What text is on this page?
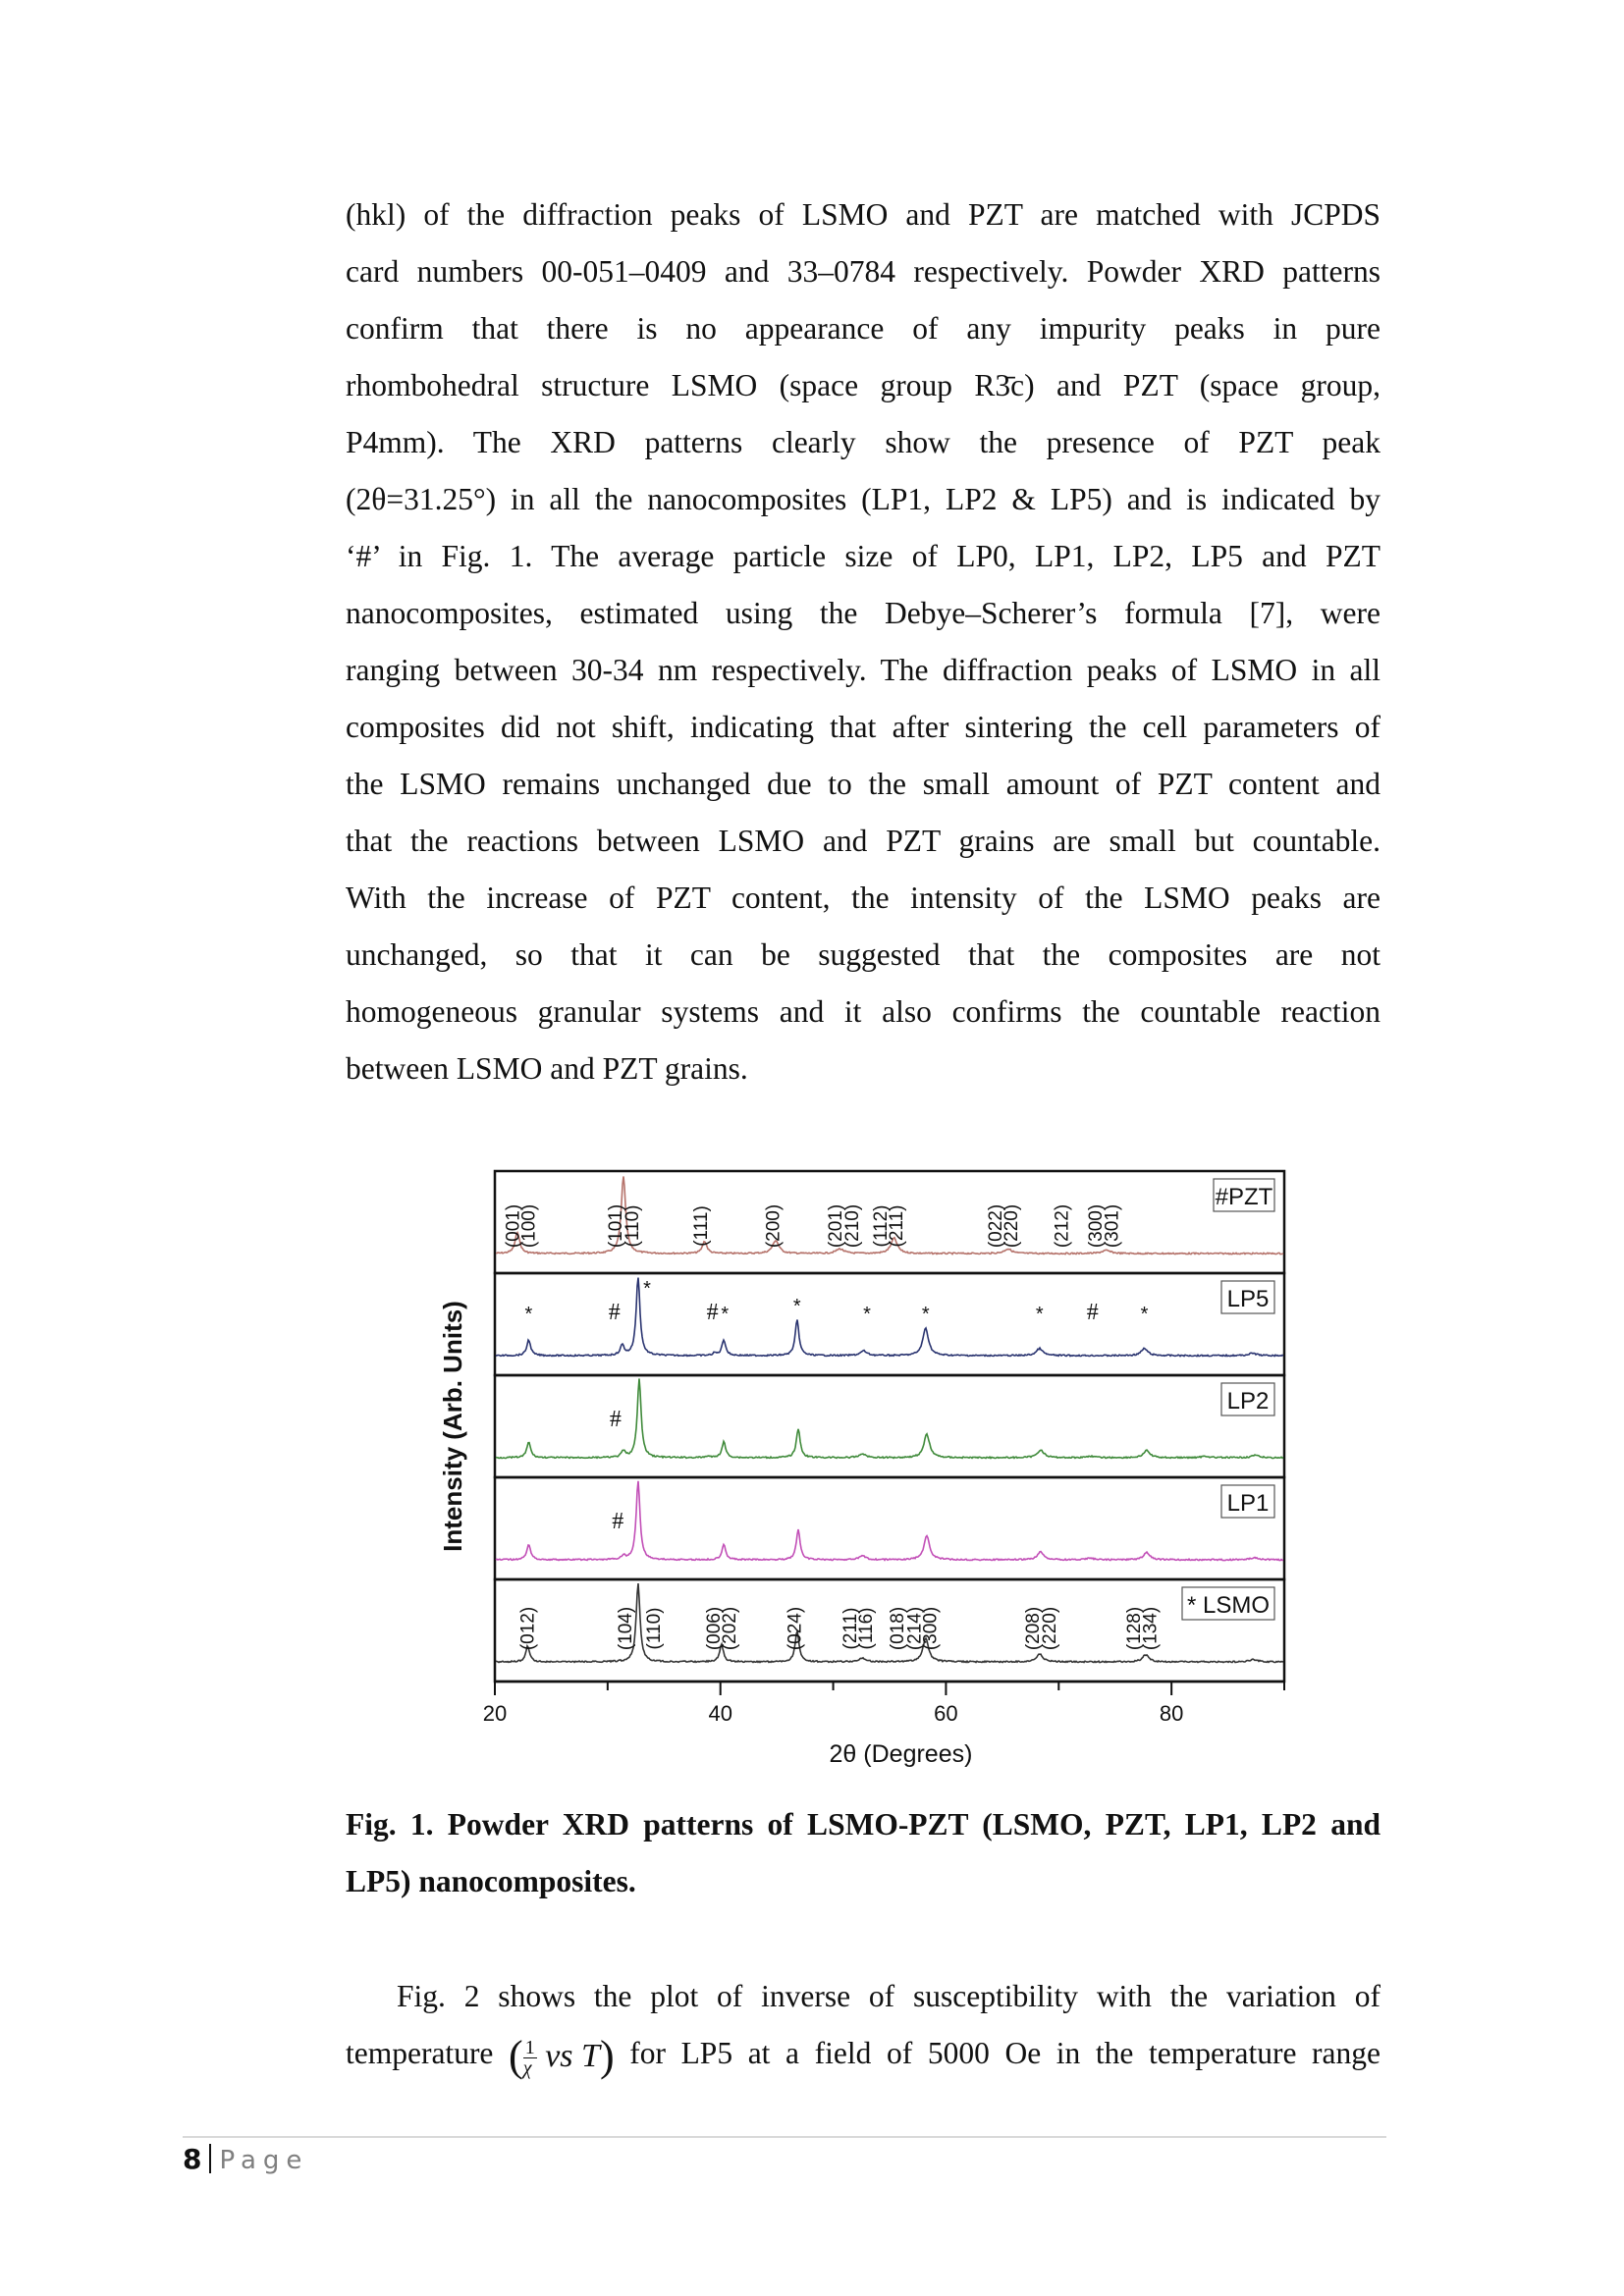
(hkl) of the diffraction peaks of LSMO and PZT are matched with JCPDS
card numbers 00-051–0409 and 33–0784 respectively. Powder XRD patterns
confirm that there is no appearance of any impurity peaks in pure
rhombohedral structure LSMO (space group R3̄c) and PZT (space group,
P4mm). The XRD patterns clearly show the presence of PZT peak
(2θ=31.25°) in all the nanocomposites (LP1, LP2 & LP5) and is indicated by
‘#’ in Fig. 1. The average particle size of LP0, LP1, LP2, LP5 and PZT
nanocomposites, estimated using the Debye–Scherer’s formula [7], were
ranging between 30-34 nm respectively. The diffraction peaks of LSMO in all
composites did not shift, indicating that after sintering the cell parameters of
the LSMO remains unchanged due to the small amount of PZT content and
that the reactions between LSMO and PZT grains are small but countable.
With the increase of PZT content, the intensity of the LSMO peaks are
unchanged, so that it can be suggested that the composites are not
homogeneous granular systems and it also confirms the countable reaction
between LSMO and PZT grains.
(001)
(100)	(101)
(110)	(111)	(200) (201)
(210) (112)
(211)	(022)
(220) (212) (300)
(301)
#PZT
*	#
*
# *	*	*	*	* # *
LP5
#
LP2
#
LP1
(012)	(104) (110) (006)
(202) (024) (211)
(116) (018)
(214)
(300)	(208)
(220)	(128)
(134)
* LSMO
20	40	60	80
2θ (Degrees)
Intensity (Arb. Units)
Fig. 1. Powder XRD patterns of LSMO-PZT (LSMO, PZT, LP1, LP2 and
LP5) nanocomposites.
Fig. 2 shows the plot of inverse of susceptibility with the variation of
temperature ( $\frac{1}{\chi}$ vs T) for LP5 at a field of 5000 Oe in the temperature range
8 Page
